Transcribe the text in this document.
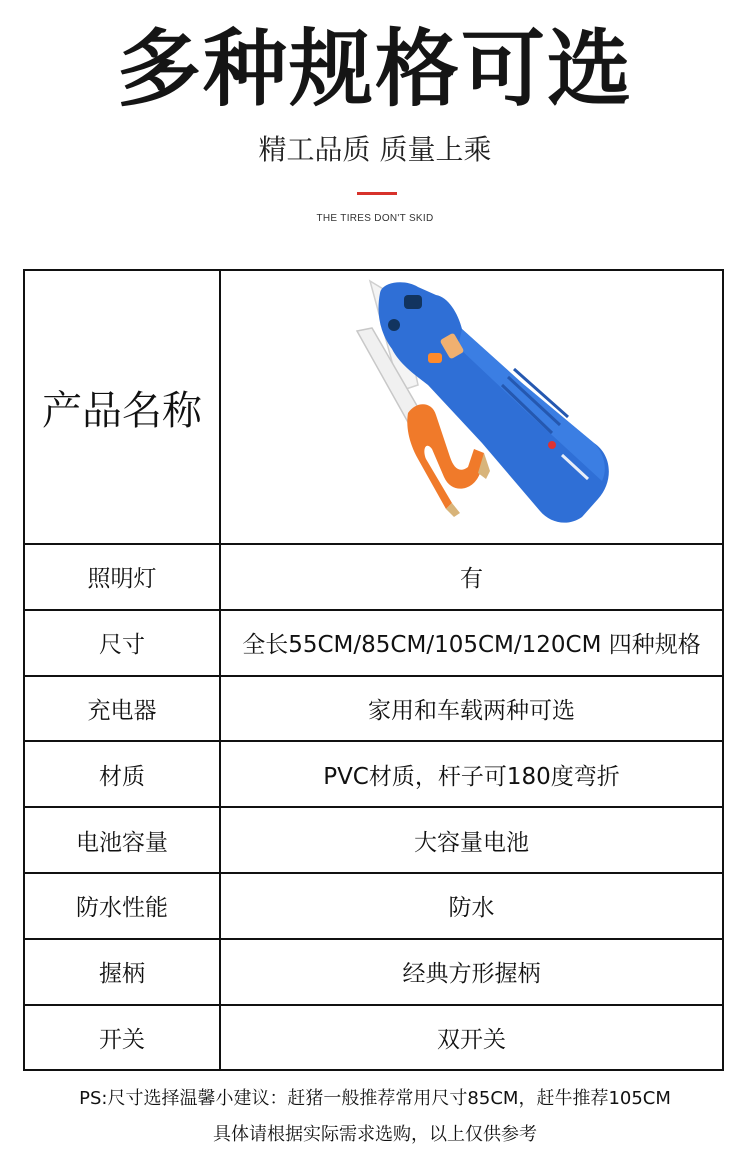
多种规格可选
精工品质 质量上乘
THE TIRES DON'T SKID
产品名称	

照明灯	有
尺寸	全长55CM/85CM/105CM/120CM 四种规格
充电器	家用和车载两种可选
材质	PVC材质，杆子可180度弯折
电池容量	大容量电池
防水性能	防水
握柄	经典方形握柄
开关	双开关
PS:尺寸选择温馨小建议：赶猪一般推荐常用尺寸85CM，赶牛推荐105CM
具体请根据实际需求选购，以上仅供参考
